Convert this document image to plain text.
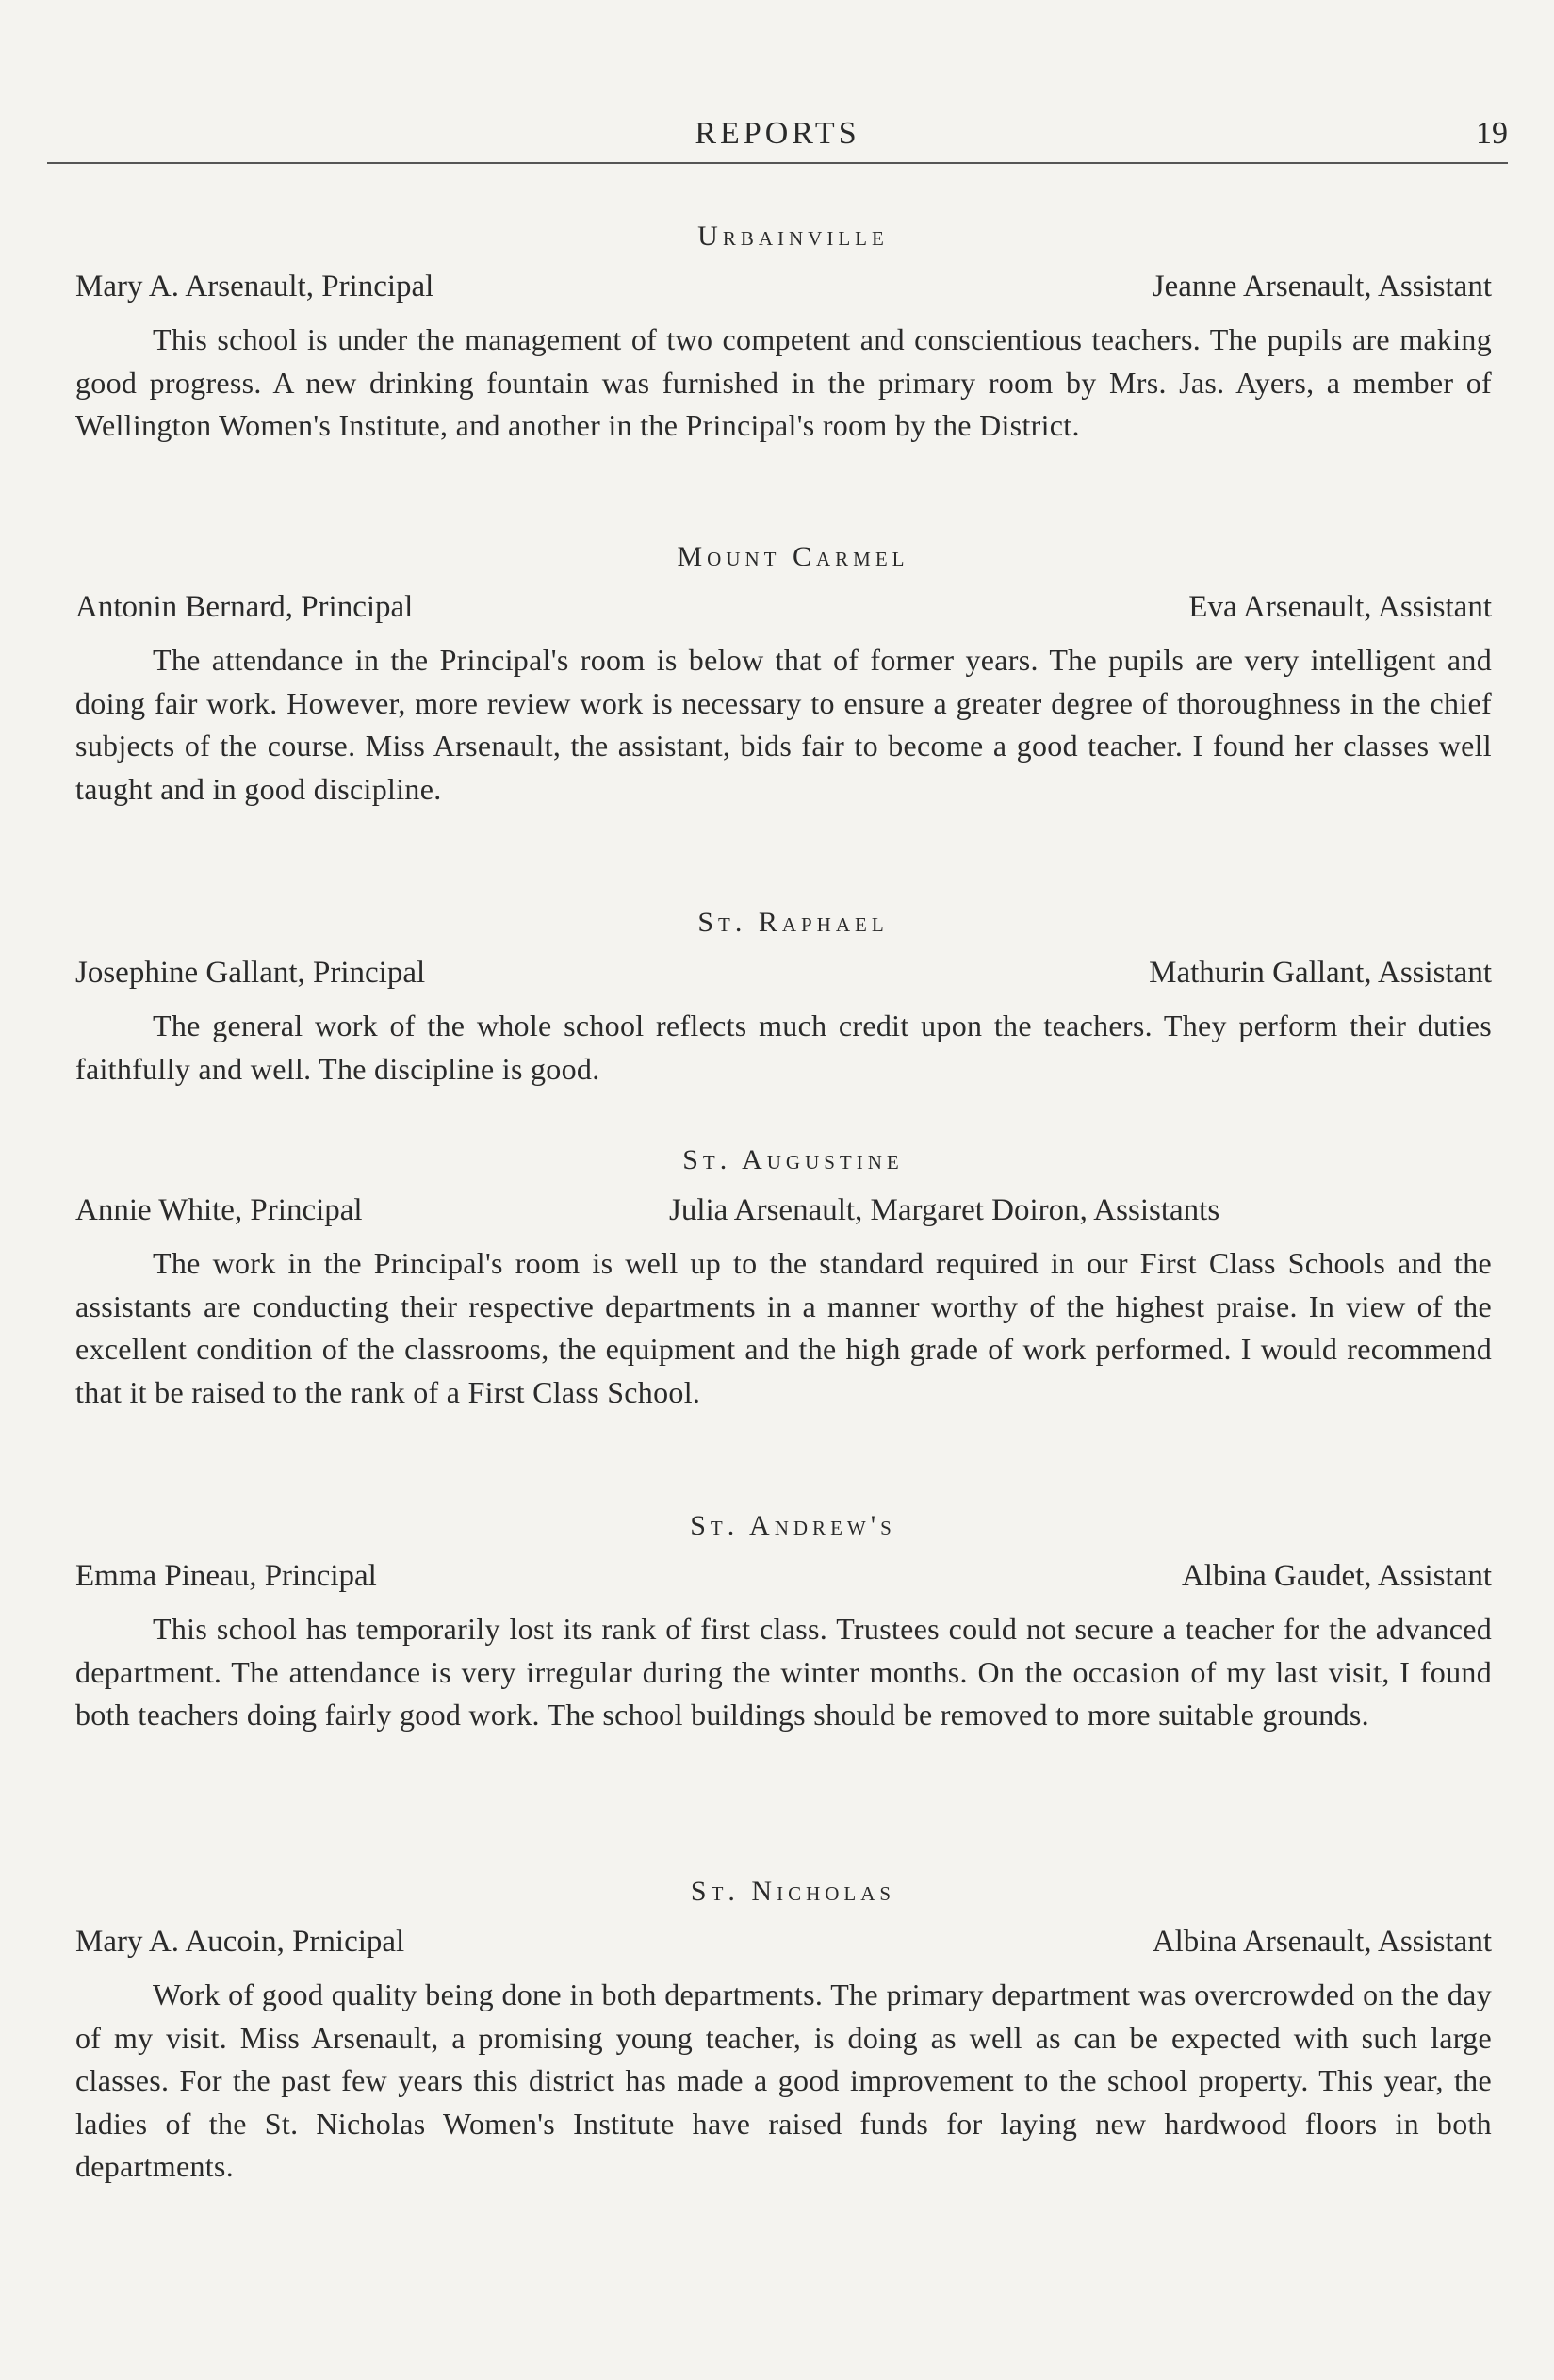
REPORTS	19
Urbainville
Mary A. Arsenault, Principal	Jeanne Arsenault, Assistant

This school is under the management of two competent and conscientious teachers. The pupils are making good progress. A new drinking fountain was furnished in the primary room by Mrs. Jas. Ayers, a member of Wellington Women's Institute, and another in the Principal's room by the District.

Mount Carmel
Antonin Bernard, Principal	Eva Arsenault, Assistant

The attendance in the Principal's room is below that of former years. The pupils are very intelligent and doing fair work. However, more review work is necessary to ensure a greater degree of thoroughness in the chief subjects of the course. Miss Arsenault, the assistant, bids fair to become a good teacher. I found her classes well taught and in good discipline.

St. Raphael
Josephine Gallant, Principal	Mathurin Gallant, Assistant

The general work of the whole school reflects much credit upon the teachers. They perform their duties faithfully and well. The discipline is good.

St. Augustine
Annie White, Principal	Julia Arsenault, Margaret Doiron, Assistants

The work in the Principal's room is well up to the standard required in our First Class Schools and the assistants are conducting their respective departments in a manner worthy of the highest praise. In view of the excellent condition of the classrooms, the equipment and the high grade of work performed. I would recommend that it be raised to the rank of a First Class School.

St. Andrew's
Emma Pineau, Principal	Albina Gaudet, Assistant

This school has temporarily lost its rank of first class. Trustees could not secure a teacher for the advanced department. The attendance is very irregular during the winter months. On the occasion of my last visit, I found both teachers doing fairly good work. The school buildings should be removed to more suitable grounds.

St. Nicholas
Mary A. Aucoin, Prnicipal	Albina Arsenault, Assistant

Work of good quality being done in both departments. The primary department was overcrowded on the day of my visit. Miss Arsenault, a promising young teacher, is doing as well as can be expected with such large classes. For the past few years this district has made a good improvement to the school property. This year, the ladies of the St. Nicholas Women's Institute have raised funds for laying new hardwood floors in both departments.
